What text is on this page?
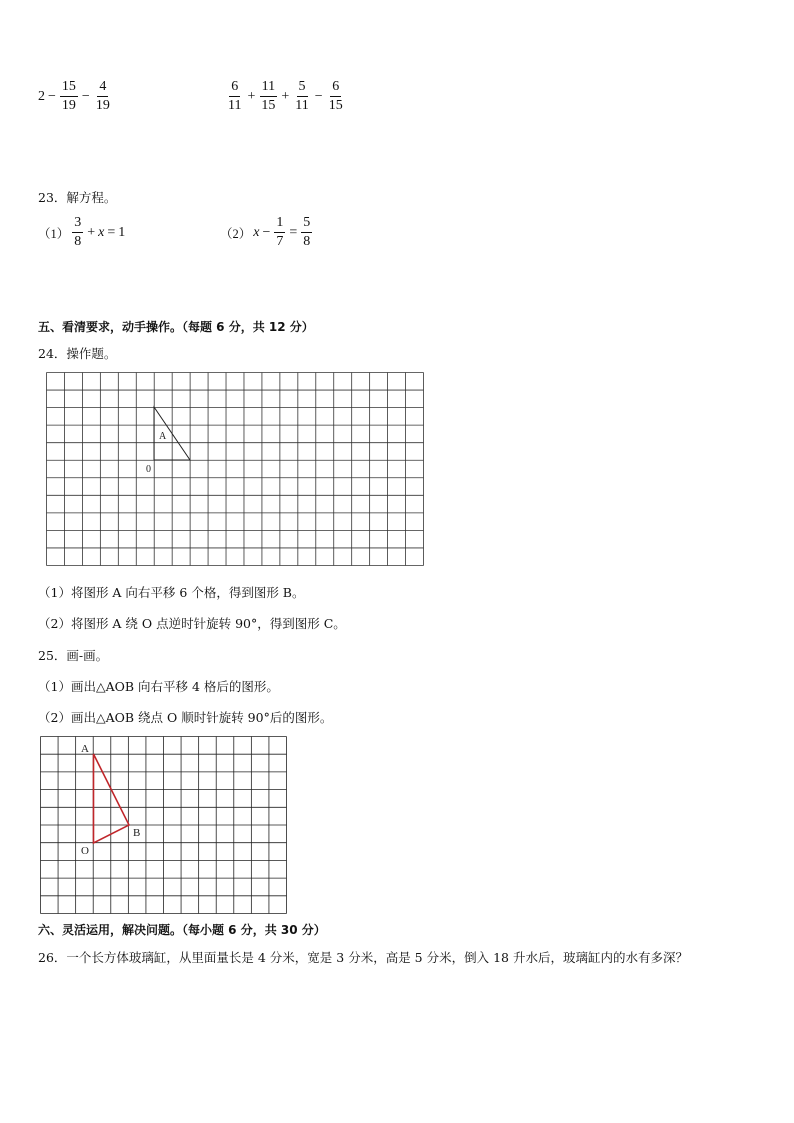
$2 - \frac{15}{19} - \frac{4}{19}$	$\frac{6}{11} + \frac{11}{15} + \frac{5}{11} - \frac{6}{15}$
23．解方程。
$(1) \frac{3}{8} + x = 1$	（2） $x - \frac{1}{7} = \frac{5}{8}$
五、看清要求，动手操作。（每题 6 分，共 12 分）
24．操作题。
A
0
（1）将图形 A 向右平移 6 个格，得到图形 B。
（2）将图形 A 绕 O 点逆时针旋转 90°，得到图形 C。
25．画-画。
（1）画出△AOB 向右平移 4 格后的图形。
（2）画出△AOB 绕点 O 顺时针旋转 90°后的图形。
A
B
O
六、灵活运用，解决问题。（每小题 6 分，共 30 分）
26．一个长方体玻璃缸，从里面量长是 4 分米，宽是 3 分米，高是 5 分米，倒入 18 升水后，玻璃缸内的水有多深？
